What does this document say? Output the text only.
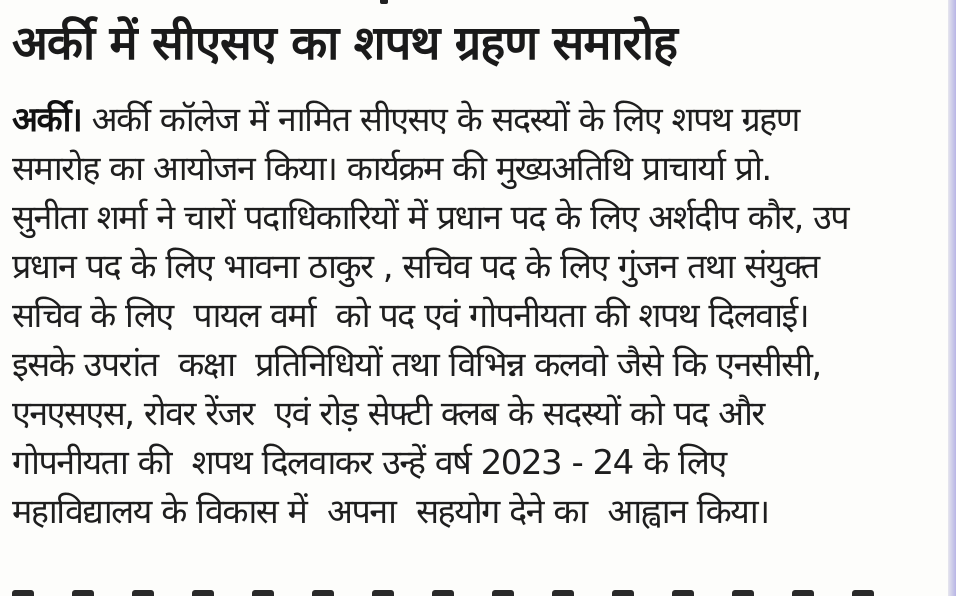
अर्की में सीएसए का शपथ ग्रहण समारोह
अर्की। अर्की कॉलेज में नामित सीएसए के सदस्यों के लिए शपथ ग्रहण
समारोह का आयोजन किया। कार्यक्रम की मुख्यअतिथि प्राचार्या प्रो.
सुनीता शर्मा ने चारों पदाधिकारियों में प्रधान पद के लिए अर्शदीप कौर, उप
प्रधान पद के लिए भावना ठाकुर , सचिव पद के लिए गुंजन तथा संयुक्त
सचिव के लिए  पायल वर्मा  को पद एवं गोपनीयता की शपथ दिलवाई।
इसके उपरांत  कक्षा  प्रतिनिधियों तथा विभिन्न कलवो जैसे कि एनसीसी,
एनएसएस, रोवर रेंजर  एवं रोड़ सेफ्टी क्लब के सदस्यों को पद और
गोपनीयता की  शपथ दिलवाकर उन्हें वर्ष 2023 - 24 के लिए
महाविद्यालय के विकास में  अपना  सहयोग देने का  आह्वान किया।
